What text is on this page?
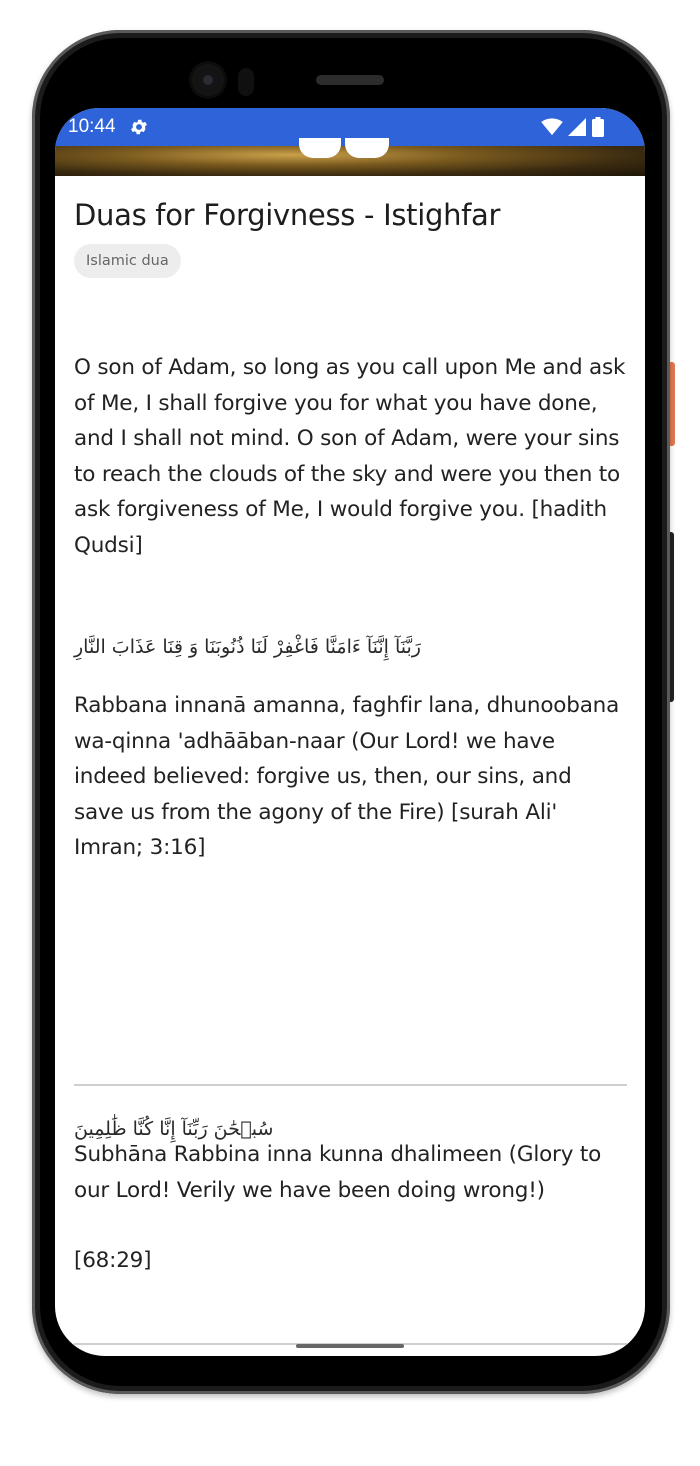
10:44
Duas for Forgivness - Istighfar
Islamic dua
O son of Adam, so long as you call upon Me and ask of Me, I shall forgive you for what you have done, and I shall not mind. O son of Adam, were your sins to reach the clouds of the sky and were you then to ask forgiveness of Me, I would forgive you. [hadith Qudsi]
رَبَّنَآ إِنَّنَآ ءَامَنَّا فَاغْفِرْ لَنَا ذُنُوبَنَا وَ قِنَا عَذَابَ النَّارِ
Rabbana innanā amanna, faghfir lana, dhunoobana wa-qinna 'adhāāban-naar (Our Lord! we have indeed believed: forgive us, then, our sins, and save us from the agony of the Fire) [surah Ali' Imran; 3:16]
سُبۡحَٰنَ رَبِّنَآ إِنَّا كُنَّا ظَٰلِمِينَ
Subhāna Rabbina inna kunna dhalimeen (Glory to our Lord! Verily we have been doing wrong!)
[68:29]
